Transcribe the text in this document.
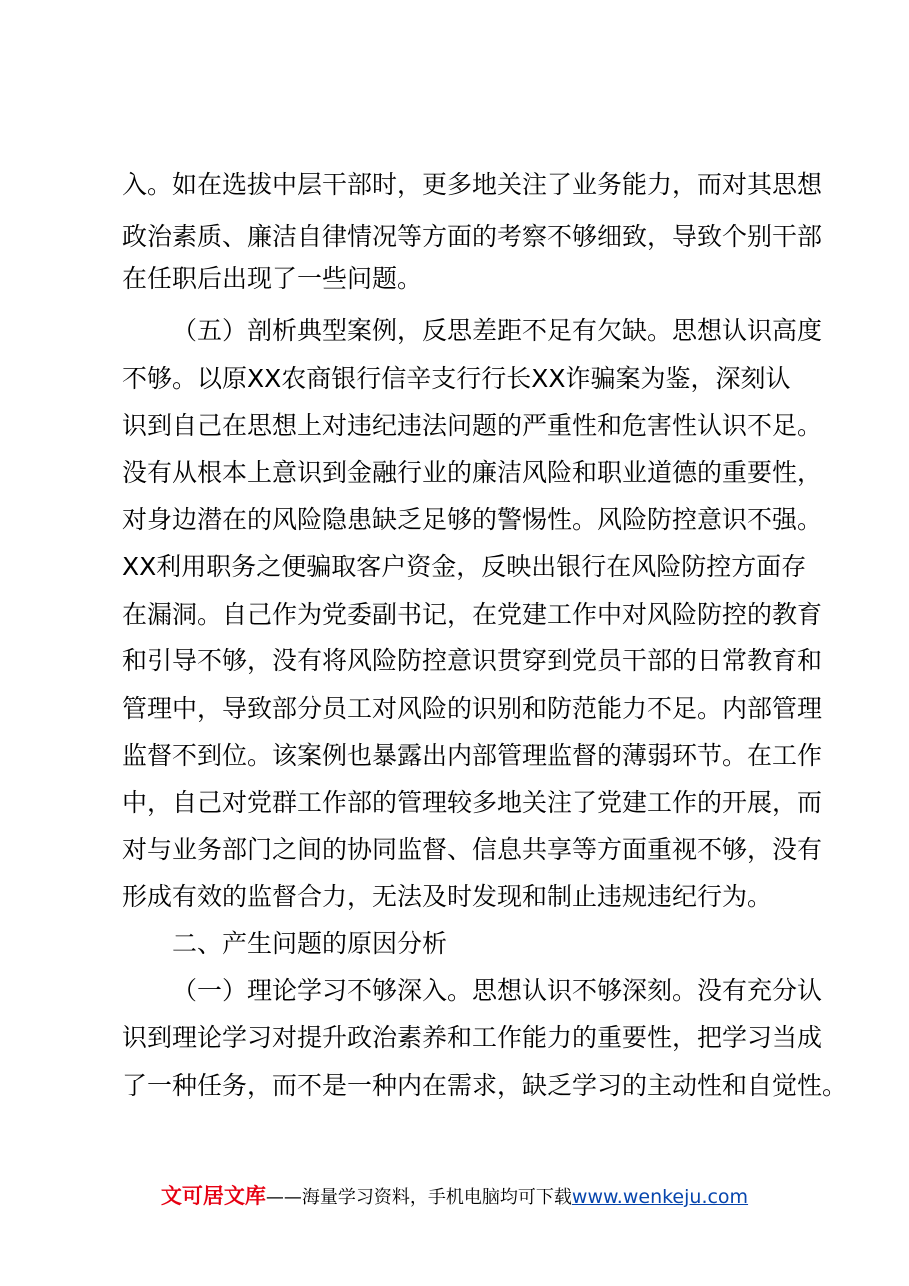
入。如在选拔中层干部时，更多地关注了业务能力，而对其思想
政治素质、廉洁自律情况等方面的考察不够细致，导致个别干部
在任职后出现了一些问题。
（五）剖析典型案例，反思差距不足有欠缺。思想认识高度
不够。以原XX农商银行信辛支行行长XX诈骗案为鉴，深刻认
识到自己在思想上对违纪违法问题的严重性和危害性认识不足。
没有从根本上意识到金融行业的廉洁风险和职业道德的重要性，
对身边潜在的风险隐患缺乏足够的警惕性。风险防控意识不强。
XX利用职务之便骗取客户资金，反映出银行在风险防控方面存
在漏洞。自己作为党委副书记，在党建工作中对风险防控的教育
和引导不够，没有将风险防控意识贯穿到党员干部的日常教育和
管理中，导致部分员工对风险的识别和防范能力不足。内部管理
监督不到位。该案例也暴露出内部管理监督的薄弱环节。在工作
中，自己对党群工作部的管理较多地关注了党建工作的开展，而
对与业务部门之间的协同监督、信息共享等方面重视不够，没有
形成有效的监督合力，无法及时发现和制止违规违纪行为。
二、产生问题的原因分析
（一）理论学习不够深入。思想认识不够深刻。没有充分认
识到理论学习对提升政治素养和工作能力的重要性，把学习当成
了一种任务，而不是一种内在需求，缺乏学习的主动性和自觉性。
文可居文库——海量学习资料，手机电脑均可下载www.wenkeju.com
